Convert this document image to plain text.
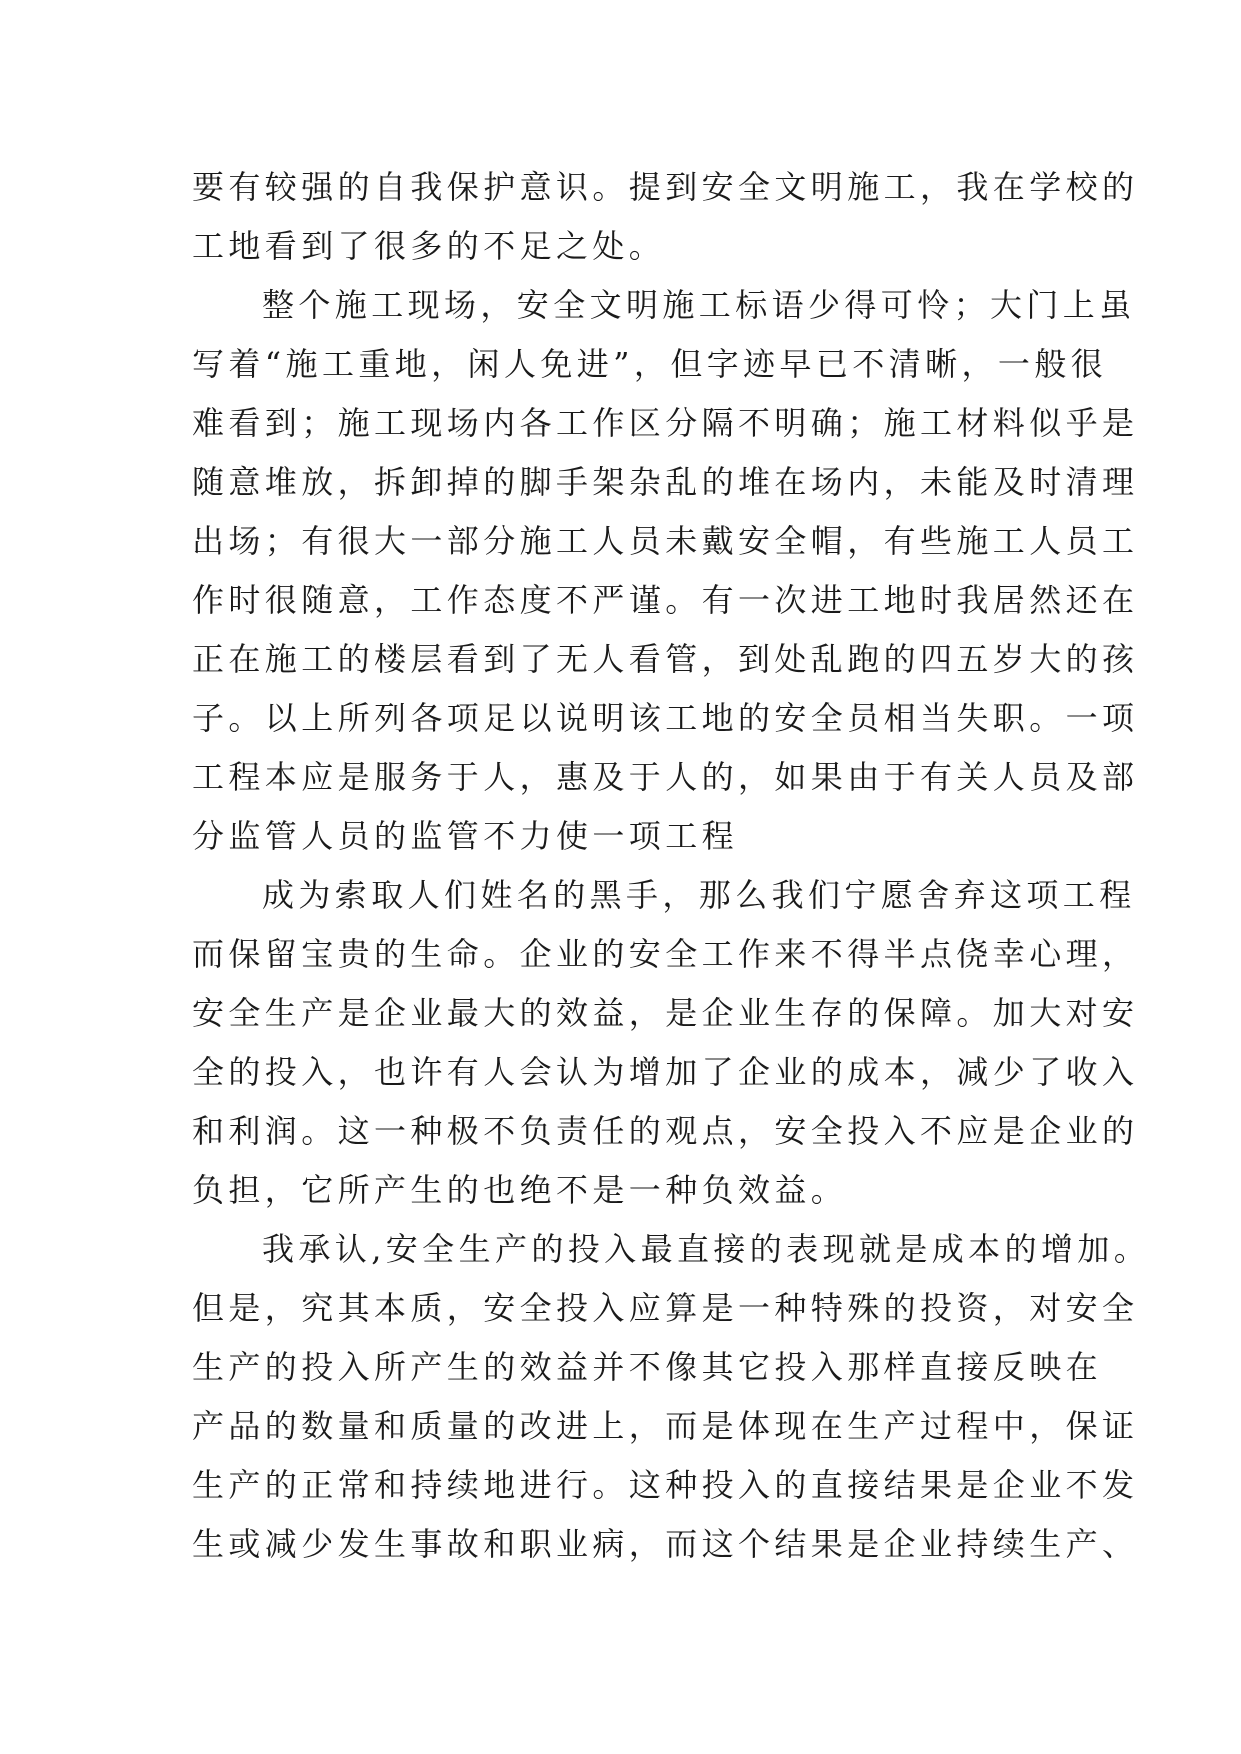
要有较强的自我保护意识。提到安全文明施工，我在学校的
工地看到了很多的不足之处。

整个施工现场，安全文明施工标语少得可怜；大门上虽
写着“施工重地，闲人免进”，但字迹早已不清晰，一般很
难看到；施工现场内各工作区分隔不明确；施工材料似乎是
随意堆放，拆卸掉的脚手架杂乱的堆在场内，未能及时清理
出场；有很大一部分施工人员未戴安全帽，有些施工人员工
作时很随意，工作态度不严谨。有一次进工地时我居然还在
正在施工的楼层看到了无人看管，到处乱跑的四五岁大的孩
子。以上所列各项足以说明该工地的安全员相当失职。一项
工程本应是服务于人，惠及于人的，如果由于有关人员及部
分监管人员的监管不力使一项工程

成为索取人们姓名的黑手，那么我们宁愿舍弃这项工程
而保留宝贵的生命。企业的安全工作来不得半点侥幸心理，
安全生产是企业最大的效益，是企业生存的保障。加大对安
全的投入，也许有人会认为增加了企业的成本，减少了收入
和利润。这一种极不负责任的观点，安全投入不应是企业的
负担，它所产生的也绝不是一种负效益。

我承认,安全生产的投入最直接的表现就是成本的增加。
但是，究其本质，安全投入应算是一种特殊的投资，对安全
生产的投入所产生的效益并不像其它投入那样直接反映在
产品的数量和质量的改进上，而是体现在生产过程中，保证
生产的正常和持续地进行。这种投入的直接结果是企业不发
生或减少发生事故和职业病，而这个结果是企业持续生产、
